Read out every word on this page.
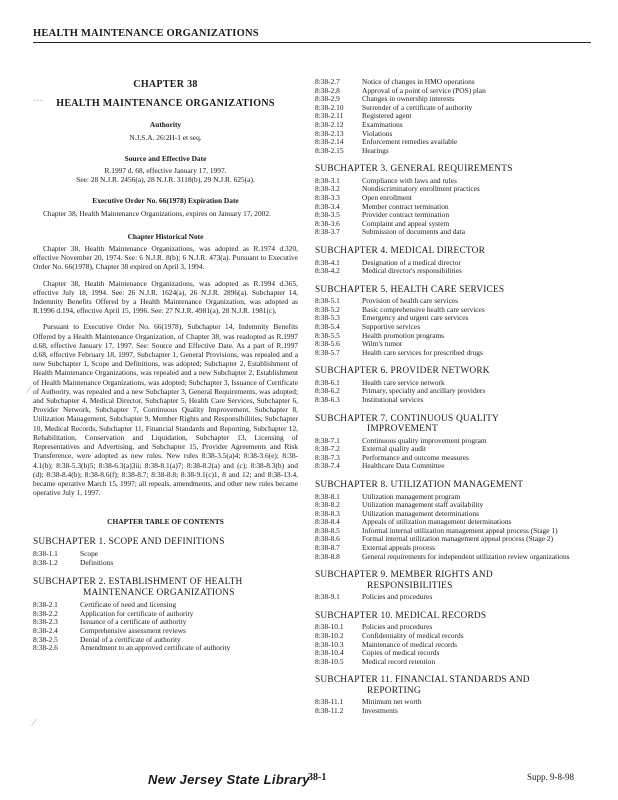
HEALTH MAINTENANCE ORGANIZATIONS
CHAPTER 38
HEALTH MAINTENANCE ORGANIZATIONS
Authority
N.J.S.A. 26:2H-1 et seq.
Source and Effective Date
R.1997 d. 68, effective January 17, 1997.
See: 28 N.J.R. 2456(a), 28 N.J.R. 3118(b), 29 N.J.R. 625(a).
Executive Order No. 66(1978) Expiration Date
Chapter 38, Health Maintenance Organizations, expires on January 17, 2002.
Chapter Historical Note
Chapter 38, Health Maintenance Organizations, was adopted as R.1974 d.320, effective November 20, 1974. See: 6 N.J.R. 8(b); 6 N.J.R. 473(a). Pursuant to Executive Order No. 66(1978), Chapter 38 expired on April 3, 1994.
Chapter 38, Health Maintenance Organizations, was adopted as R.1994 d.365, effective July 18, 1994. See: 26 N.J.R. 1624(a), 26 N.J.R. 2896(a). Subchapter 14, Indemnity Benefits Offered by a Health Maintenance Organization, was adopted as R.1996 d.194, effective April 15, 1996. See: 27 N.J.R. 4981(a), 28 N.J.R. 1981(c).
Pursuant to Executive Order No. 66(1978), Subchapter 14, Indemnity Benefits Offered by a Health Maintenance Organization, of Chapter 38, was readopted as R.1997 d.68, effective January 17, 1997. See: Source and Effective Date. As a part of R.1997 d.68, effective February 18, 1997, Subchapter 1, General Provisions, was repealed and a new Subchapter 1, Scope and Definitions, was adopted; Subchapter 2, Establishment of Health Maintenance Organizations, was repealed and a new Subchapter 2, Establishment of Health Maintenance Organizations, was adopted; Subchapter 3, Issuance of Certificate of Authority, was repealed and a new Subchapter 3, General Requirements, was adopted; and Subchapter 4, Medical Director, Subchapter 5, Health Care Services, Subchapter 6, Provider Network, Subchapter 7, Continuous Quality Improvement, Subchapter 8, Utilization Management, Subchapter 9, Member Rights and Responsibilities, Subchapter 10, Medical Records, Subchapter 11, Financial Standards and Reporting, Subchapter 12, Rehabilitation, Conservation and Liquidation, Subchapter 13, Licensing of Representatives and Advertising, and Subchapter 15, Provider Agreements and Risk Transference, were adopted as new rules. New rules 8:38-3.5(a)4; 8:38-3.6(e); 8:38-4.1(b); 8:38-5.3(b)5; 8:38-6.3(a)3ii; 8:38-8.1(a)7; 8:38-8.2(a) and (c); 8:38-8.3(b) and (d); 8:38-8.4(b); 8:38-8.6(f); 8:38-8.7; 8:38-8.8; 8:38-9.1(c)1, 8 and 12; and 8:38-13.4, became operative March 15, 1997; all repeals, amendments, and other new rules became operative July 1, 1997.
CHAPTER TABLE OF CONTENTS
SUBCHAPTER 1. SCOPE AND DEFINITIONS
8:38-1.1	Scope
8:38-1.2	Definitions
SUBCHAPTER 2. ESTABLISHMENT OF HEALTH
MAINTENANCE ORGANIZATIONS
8:38-2.1	Certificate of need and licensing
8:38-2.2	Application for certificate of authority
8:38-2.3	Issuance of a certificate of authority
8:38-2.4	Comprehensive assessment reviews
8:38-2.5	Denial of a certificate of authority
8:38-2.6	Amendment to an approved certificate of authority
8:38-2.7	Notice of changes in HMO operations
8:38-2.8	Approval of a point of service (POS) plan
8:38-2.9	Changes in ownership interests
8:38-2.10	Surrender of a certificate of authority
8:38-2.11	Registered agent
8:38-2.12	Examinations
8:38-2.13	Violations
8:38-2.14	Enforcement remedies available
8:38-2.15	Hearings
SUBCHAPTER 3. GENERAL REQUIREMENTS
8:38-3.1	Compliance with laws and rules
8:38-3.2	Nondiscriminatory enrollment practices
8:38-3.3	Open enrollment
8:38-3.4	Member contract termination
8:38-3.5	Provider contract termination
8:38-3.6	Complaint and appeal system
8:38-3.7	Submission of documents and data
SUBCHAPTER 4. MEDICAL DIRECTOR
8:38-4.1	Designation of a medical director
8:38-4.2	Medical director's responsibilities
SUBCHAPTER 5. HEALTH CARE SERVICES
8:38-5.1	Provision of health care services
8:38-5.2	Basic comprehensive health care services
8:38-5.3	Emergency and urgent care services
8:38-5.4	Supportive services
8:38-5.5	Health promotion programs
8:38-5.6	Wilm's tumor
8:38-5.7	Health care services for prescribed drugs
SUBCHAPTER 6. PROVIDER NETWORK
8:38-6.1	Health care service network
8:38-6.2	Primary, specialty and ancillary providers
8:38-6.3	Institutional services
SUBCHAPTER 7. CONTINUOUS QUALITY
IMPROVEMENT
8:38-7.1	Continuous quality improvement program
8:38-7.2	External quality audit
8:38-7.3	Performance and outcome measures
8:38-7.4	Healthcare Data Committee
SUBCHAPTER 8. UTILIZATION MANAGEMENT
8:38-8.1	Utilization management program
8:38-8.2	Utilization management staff availability
8:38-8.3	Utilization management determinations
8:38-8.4	Appeals of utilization management determinations
8:38-8.5	Informal internal utilization management appeal process (Stage 1)
8:38-8.6	Formal internal utilization management appeal process (Stage 2)
8:38-8.7	External appeals process
8:38-8.8	General requirements for independent utilization review organizations
SUBCHAPTER 9. MEMBER RIGHTS AND
RESPONSIBILITIES
8:38-9.1	Policies and procedures
SUBCHAPTER 10. MEDICAL RECORDS
8:38-10.1	Policies and procedures
8:38-10.2	Confidentiality of medical records
8:38-10.3	Maintenance of medical records
8:38-10.4	Copies of medical records
8:38-10.5	Medical record retention
SUBCHAPTER 11. FINANCIAL STANDARDS AND
REPORTING
8:38-11.1	Minimum net worth
8:38-11.2	Investments
···
⁄
⁄
New Jersey State Library
38-1	Supp. 9-8-98
